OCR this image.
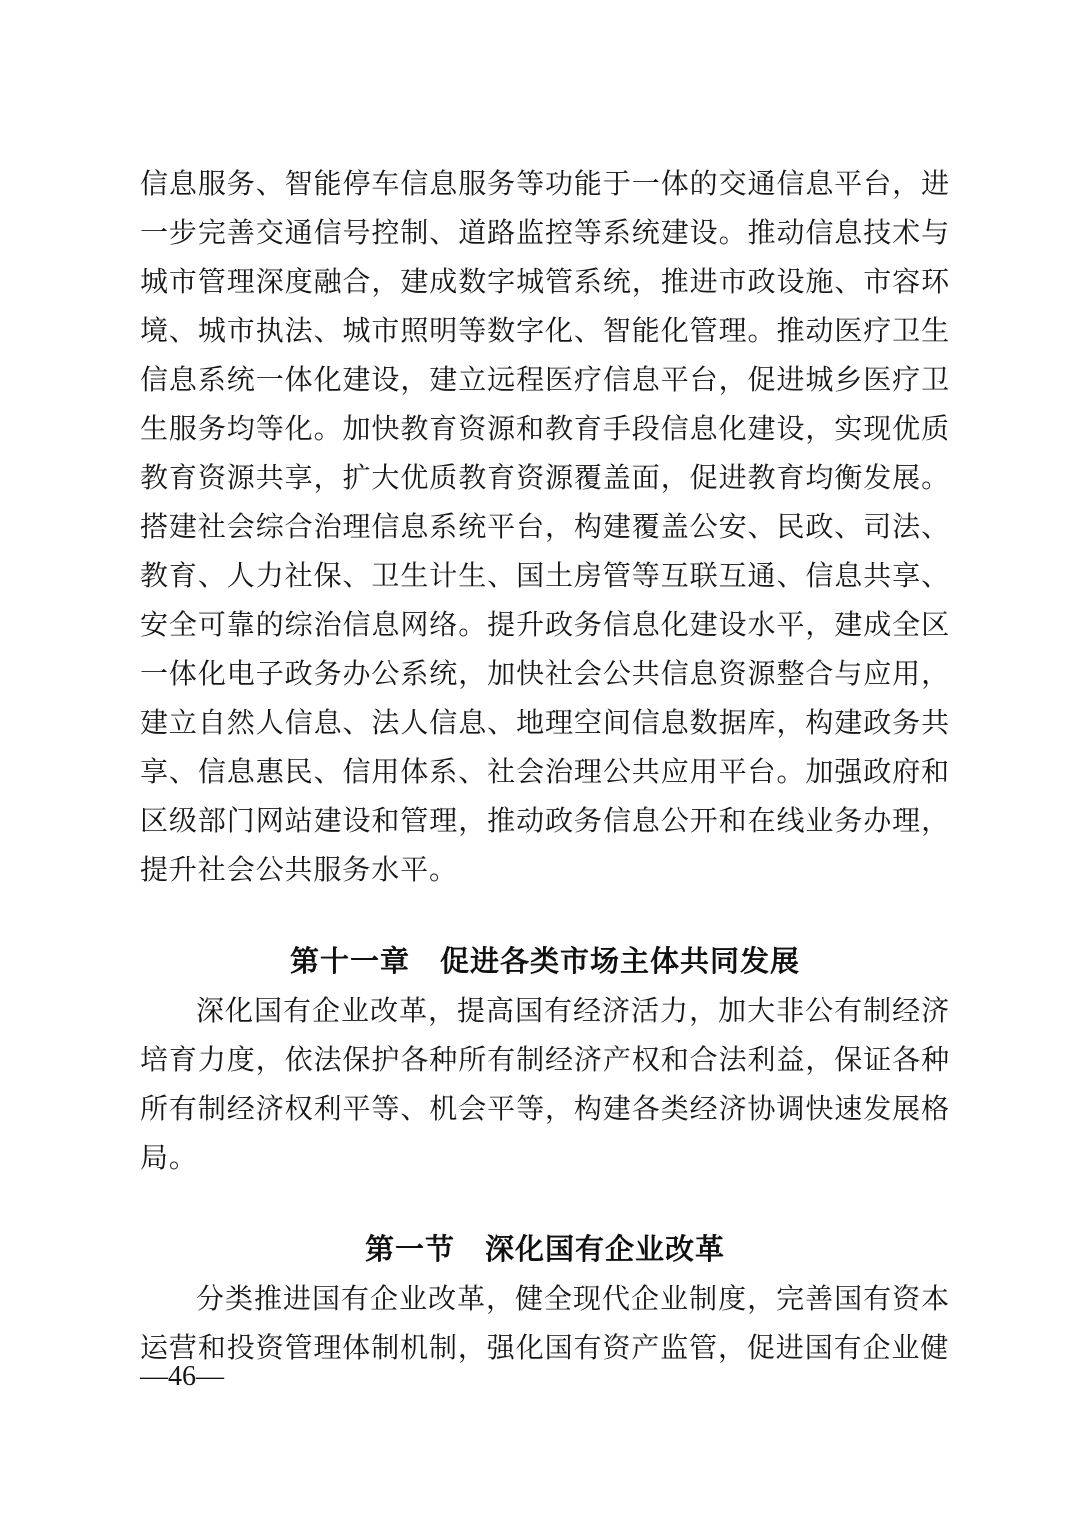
信息服务、智能停车信息服务等功能于一体的交通信息平台，进一步完善交通信号控制、道路监控等系统建设。推动信息技术与城市管理深度融合，建成数字城管系统，推进市政设施、市容环境、城市执法、城市照明等数字化、智能化管理。推动医疗卫生信息系统一体化建设，建立远程医疗信息平台，促进城乡医疗卫生服务均等化。加快教育资源和教育手段信息化建设，实现优质教育资源共享，扩大优质教育资源覆盖面，促进教育均衡发展。搭建社会综合治理信息系统平台，构建覆盖公安、民政、司法、教育、人力社保、卫生计生、国土房管等互联互通、信息共享、安全可靠的综治信息网络。提升政务信息化建设水平，建成全区一体化电子政务办公系统，加快社会公共信息资源整合与应用，建立自然人信息、法人信息、地理空间信息数据库，构建政务共享、信息惠民、信用体系、社会治理公共应用平台。加强政府和区级部门网站建设和管理，推动政务信息公开和在线业务办理，提升社会公共服务水平。

第十一章　促进各类市场主体共同发展

深化国有企业改革，提高国有经济活力，加大非公有制经济培育力度，依法保护各种所有制经济产权和合法利益，保证各种所有制经济权利平等、机会平等，构建各类经济协调快速发展格局。

第一节　深化国有企业改革

分类推进国有企业改革，健全现代企业制度，完善国有资本运营和投资管理体制机制，强化国有资产监管，促进国有企业健

—46—
